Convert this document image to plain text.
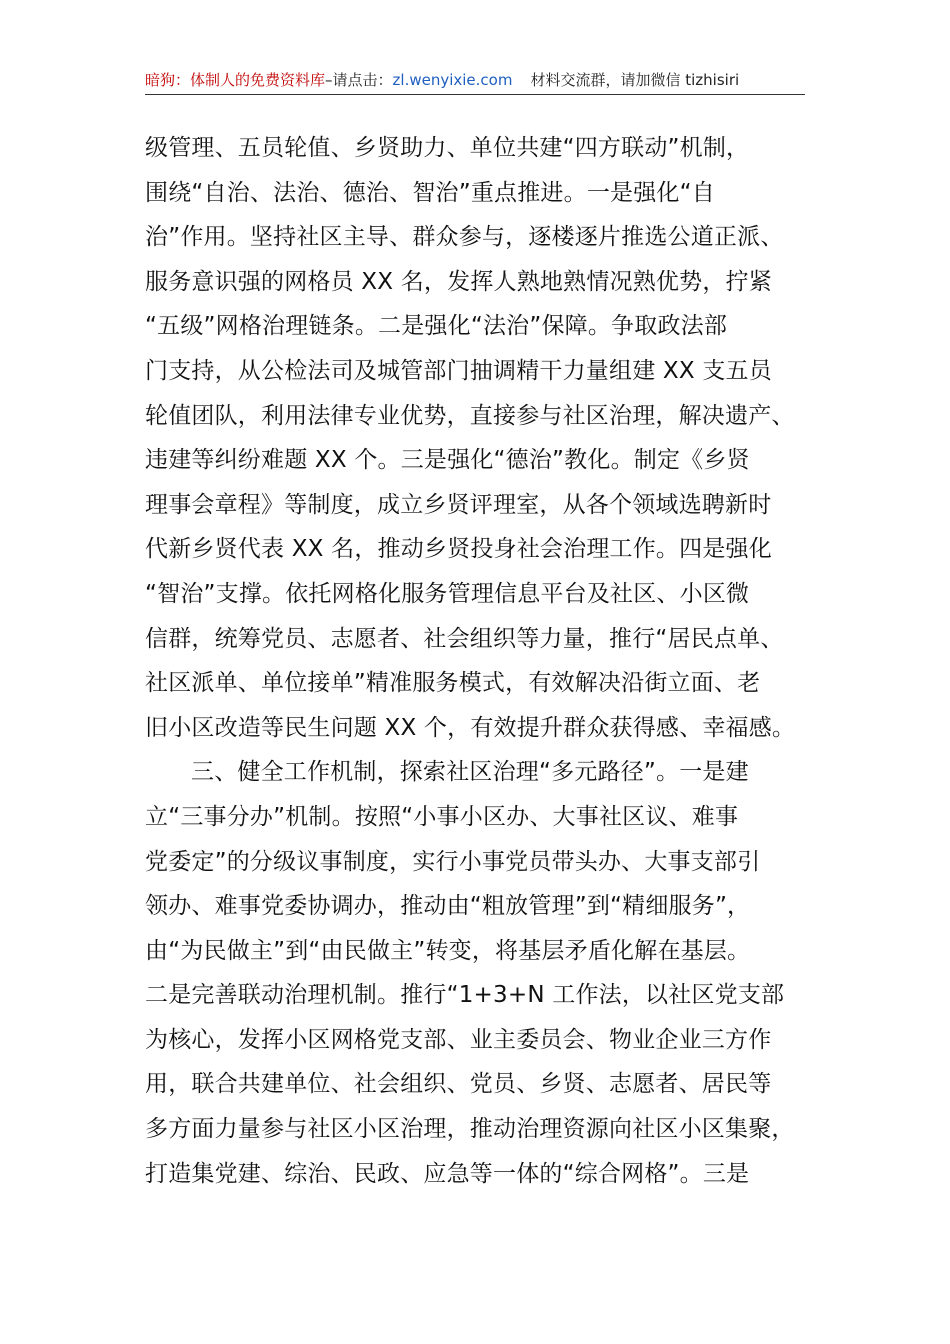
暗狗：体制人的免费资料库–请点击：zl.wenyixie.com 材料交流群，请加微信 tizhisiri
级管理、五员轮值、乡贤助力、单位共建“四方联动”机制，
围绕“自治、法治、德治、智治”重点推进。一是强化“自
治”作用。坚持社区主导、群众参与，逐楼逐片推选公道正派、
服务意识强的网格员 XX 名，发挥人熟地熟情况熟优势，拧紧
“五级”网格治理链条。二是强化“法治”保障。争取政法部
门支持，从公检法司及城管部门抽调精干力量组建 XX 支五员
轮值团队，利用法律专业优势，直接参与社区治理，解决遗产、
违建等纠纷难题 XX 个。三是强化“德治”教化。制定《乡贤
理事会章程》等制度，成立乡贤评理室，从各个领域选聘新时
代新乡贤代表 XX 名，推动乡贤投身社会治理工作。四是强化
“智治”支撑。依托网格化服务管理信息平台及社区、小区微
信群，统筹党员、志愿者、社会组织等力量，推行“居民点单、
社区派单、单位接单”精准服务模式，有效解决沿街立面、老
旧小区改造等民生问题 XX 个，有效提升群众获得感、幸福感。
三、健全工作机制，探索社区治理“多元路径”。一是建
立“三事分办”机制。按照“小事小区办、大事社区议、难事
党委定”的分级议事制度，实行小事党员带头办、大事支部引
领办、难事党委协调办，推动由“粗放管理”到“精细服务”，
由“为民做主”到“由民做主”转变，将基层矛盾化解在基层。
二是完善联动治理机制。推行“1+3+N 工作法，以社区党支部
为核心，发挥小区网格党支部、业主委员会、物业企业三方作
用，联合共建单位、社会组织、党员、乡贤、志愿者、居民等
多方面力量参与社区小区治理，推动治理资源向社区小区集聚，
打造集党建、综治、民政、应急等一体的“综合网格”。三是
